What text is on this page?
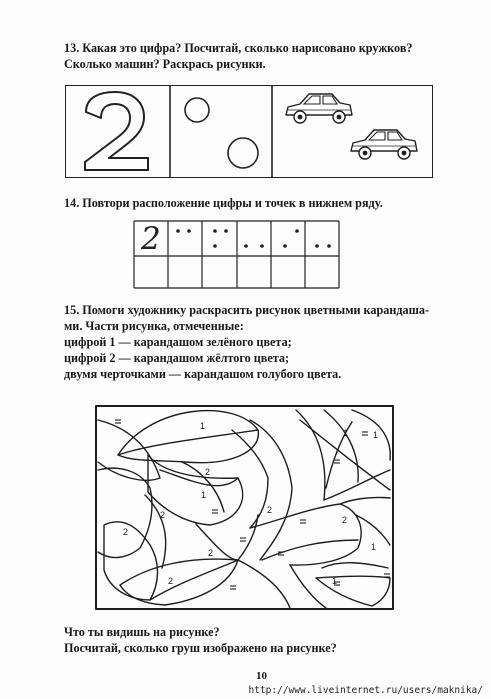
13. Какая это цифра? Посчитай, сколько нарисовано кружков?

Сколько машин? Раскрась рисунки.

14. Повтори расположение цифры и точек в нижнем ряду.

2

15. Помоги художнику раскрасить рисунок цветными карандаша-

ми. Части рисунка, отмеченные:

цифрой 1 — карандашом зелёного цвета;

цифрой 2 — карандашом жёлтого цвета;

двумя черточками — карандашом голубого цвета.

1
1	1
1
1
1
2
2	2
2
2
2
2

Что ты видишь на рисунке?

Посчитай, сколько груш изображено на рисунке?

10

http://www.liveinternet.ru/users/maknika/
